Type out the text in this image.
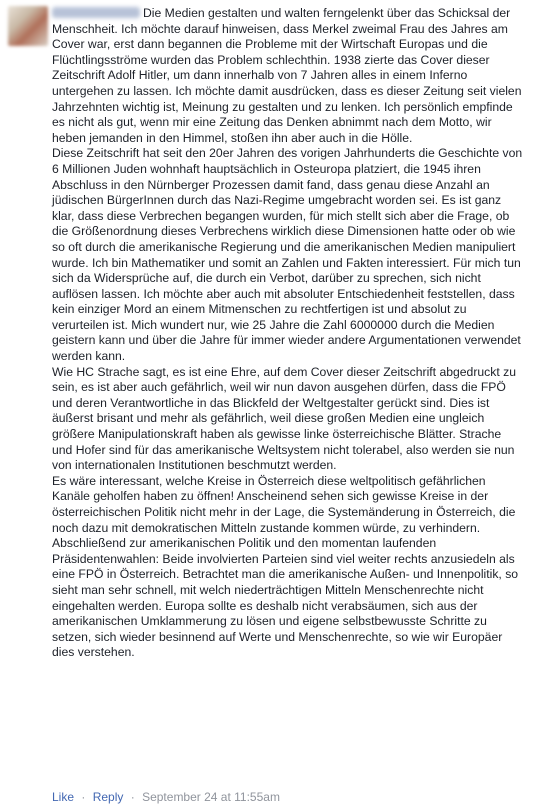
Die Medien gestalten und walten ferngelenkt über das Schicksal der Menschheit. Ich möchte darauf hinweisen, dass Merkel zweimal Frau des Jahres am Cover war, erst dann begannen die Probleme mit der Wirtschaft Europas und die Flüchtlingsströme wurden das Problem schlechthin. 1938 zierte das Cover dieser Zeitschrift Adolf Hitler, um dann innerhalb von 7 Jahren alles in einem Inferno untergehen zu lassen. Ich möchte damit ausdrücken, dass es dieser Zeitung seit vielen Jahrzehnten wichtig ist, Meinung zu gestalten und zu lenken. Ich persönlich empfinde es nicht als gut, wenn mir eine Zeitung das Denken abnimmt nach dem Motto, wir heben jemanden in den Himmel, stoßen ihn aber auch in die Hölle.

Diese Zeitschrift hat seit den 20er Jahren des vorigen Jahrhunderts die Geschichte von 6 Millionen Juden wohnhaft hauptsächlich in Osteuropa platziert, die 1945 ihren Abschluss in den Nürnberger Prozessen damit fand, dass genau diese Anzahl an jüdischen BürgerInnen durch das Nazi-Regime umgebracht worden sei. Es ist ganz klar, dass diese Verbrechen begangen wurden, für mich stellt sich aber die Frage, ob die Größenordnung dieses Verbrechens wirklich diese Dimensionen hatte oder ob wie so oft durch die amerikanische Regierung und die amerikanischen Medien manipuliert wurde. Ich bin Mathematiker und somit an Zahlen und Fakten interessiert. Für mich tun sich da Widersprüche auf, die durch ein Verbot, darüber zu sprechen, sich nicht auflösen lassen. Ich möchte aber auch mit absoluter Entschiedenheit feststellen, dass kein einziger Mord an einem Mitmenschen zu rechtfertigen ist und absolut zu verurteilen ist. Mich wundert nur, wie 25 Jahre die Zahl 6000000 durch die Medien geistern kann und über die Jahre für immer wieder andere Argumentationen verwendet werden kann.

Wie HC Strache sagt, es ist eine Ehre, auf dem Cover dieser Zeitschrift abgedruckt zu sein, es ist aber auch gefährlich, weil wir nun davon ausgehen dürfen, dass die FPÖ und deren Verantwortliche in das Blickfeld der Weltgestalter gerückt sind. Dies ist äußerst brisant und mehr als gefährlich, weil diese großen Medien eine ungleich größere Manipulationskraft haben als gewisse linke österreichische Blätter. Strache und Hofer sind für das amerikanische Weltsystem nicht tolerabel, also werden sie nun von internationalen Institutionen beschmutzt werden.

Es wäre interessant, welche Kreise in Österreich diese weltpolitisch gefährlichen Kanäle geholfen haben zu öffnen! Anscheinend sehen sich gewisse Kreise in der österreichischen Politik nicht mehr in der Lage, die Systemänderung in Österreich, die noch dazu mit demokratischen Mitteln zustande kommen würde, zu verhindern.

Abschließend zur amerikanischen Politik und den momentan laufenden Präsidentenwahlen: Beide involvierten Parteien sind viel weiter rechts anzusiedeln als eine FPÖ in Österreich. Betrachtet man die amerikanische Außen- und Innenpolitik, so sieht man sehr schnell, mit welch niederträchtigen Mitteln Menschenrechte nicht eingehalten werden. Europa sollte es deshalb nicht verabsäumen, sich aus der amerikanischen Umklammerung zu lösen und eigene selbstbewusste Schritte zu setzen, sich wieder besinnend auf Werte und Menschenrechte, so wie wir Europäer dies verstehen.

Like · Reply · September 24 at 11:55am
